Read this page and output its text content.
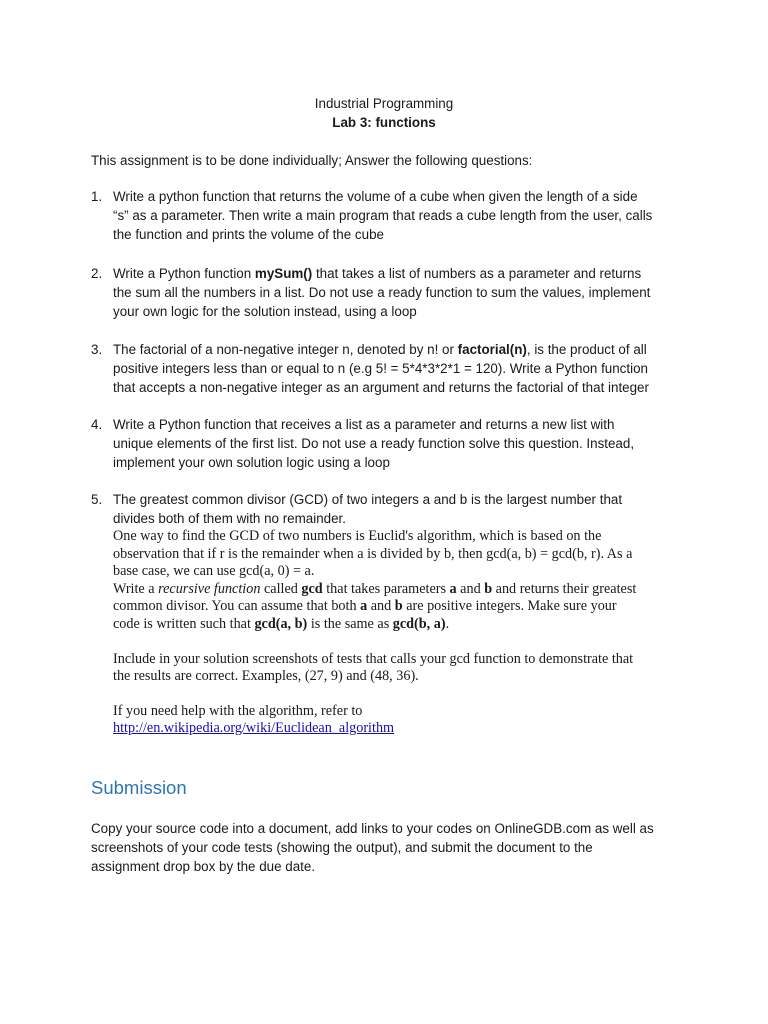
Industrial Programming
Lab 3: functions
This assignment is to be done individually; Answer the following questions:
1. Write a python function that returns the volume of a cube when given the length of a side
“s” as a parameter. Then write a main program that reads a cube length from the user, calls
the function and prints the volume of the cube
2. Write a Python function mySum() that takes a list of numbers as a parameter and returns
the sum all the numbers in a list. Do not use a ready function to sum the values, implement
your own logic for the solution instead, using a loop
3. The factorial of a non-negative integer n, denoted by n! or factorial(n), is the product of all
positive integers less than or equal to n (e.g 5! = 5*4*3*2*1 = 120). Write a Python function
that accepts a non-negative integer as an argument and returns the factorial of that integer
4. Write a Python function that receives a list as a parameter and returns a new list with
unique elements of the first list. Do not use a ready function solve this question. Instead,
implement your own solution logic using a loop
5. The greatest common divisor (GCD) of two integers a and b is the largest number that
divides both of them with no remainder.

One way to find the GCD of two numbers is Euclid's algorithm, which is based on the

observation that if r is the remainder when a is divided by b, then gcd(a, b) = gcd(b, r). As a

base case, we can use gcd(a, 0) = a.

Write a recursive function called gcd that takes parameters a and b and returns their greatest

common divisor. You can assume that both a and b are positive integers. Make sure your

code is written such that gcd(a, b) is the same as gcd(b, a).

Include in your solution screenshots of tests that calls your gcd function to demonstrate that

the results are correct. Examples, (27, 9) and (48, 36).

If you need help with the algorithm, refer to

http://en.wikipedia.org/wiki/Euclidean_algorithm

Submission
Copy your source code into a document, add links to your codes on OnlineGDB.com as well as
screenshots of your code tests (showing the output), and submit the document to the
assignment drop box by the due date.
